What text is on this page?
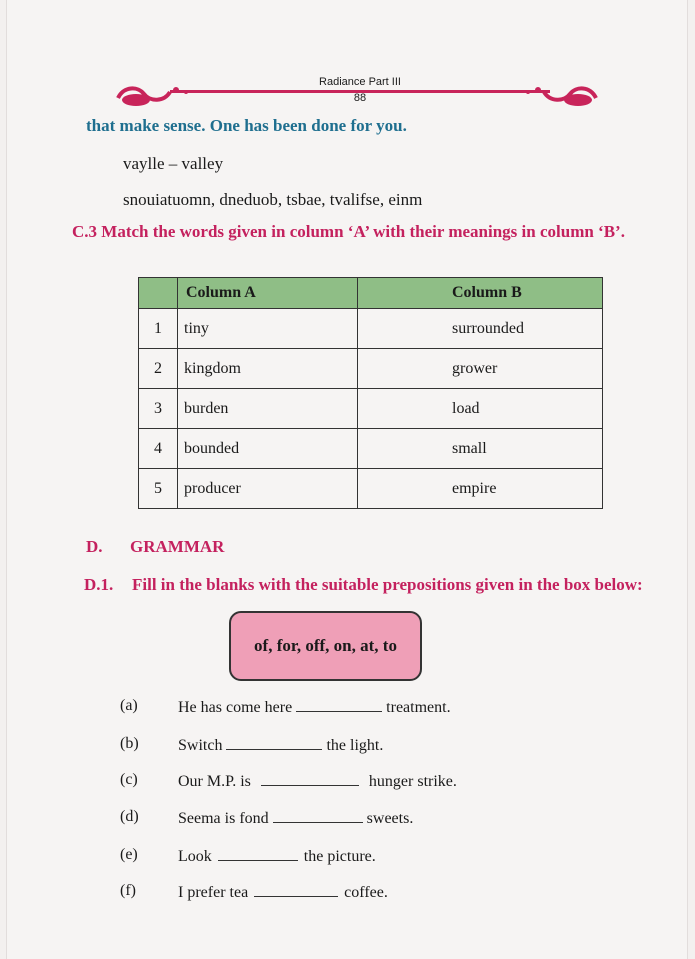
Radiance Part III
88
that make sense. One has been done for you.
vaylle – valley
snouiatuomn, dneduob, tsbae, tvalifse, einm
C.3 Match the words given in column ‘A’ with their meanings in column ‘B’.
	Column A	Column B
1	tiny	surrounded
2	kingdom	grower
3	burden	load
4	bounded	small
5	producer	empire
D. GRAMMAR
D.1. Fill in the blanks with the suitable prepositions given in the box below:
of, for, off, on, at, to
(a)	He has come here	treatment.
(b) Switch	the light.
(c)	Our M.P. is	hunger strike.
(d) Seema is fond	sweets.
(e)	Look	the picture.
(f)	I prefer tea	coffee.
